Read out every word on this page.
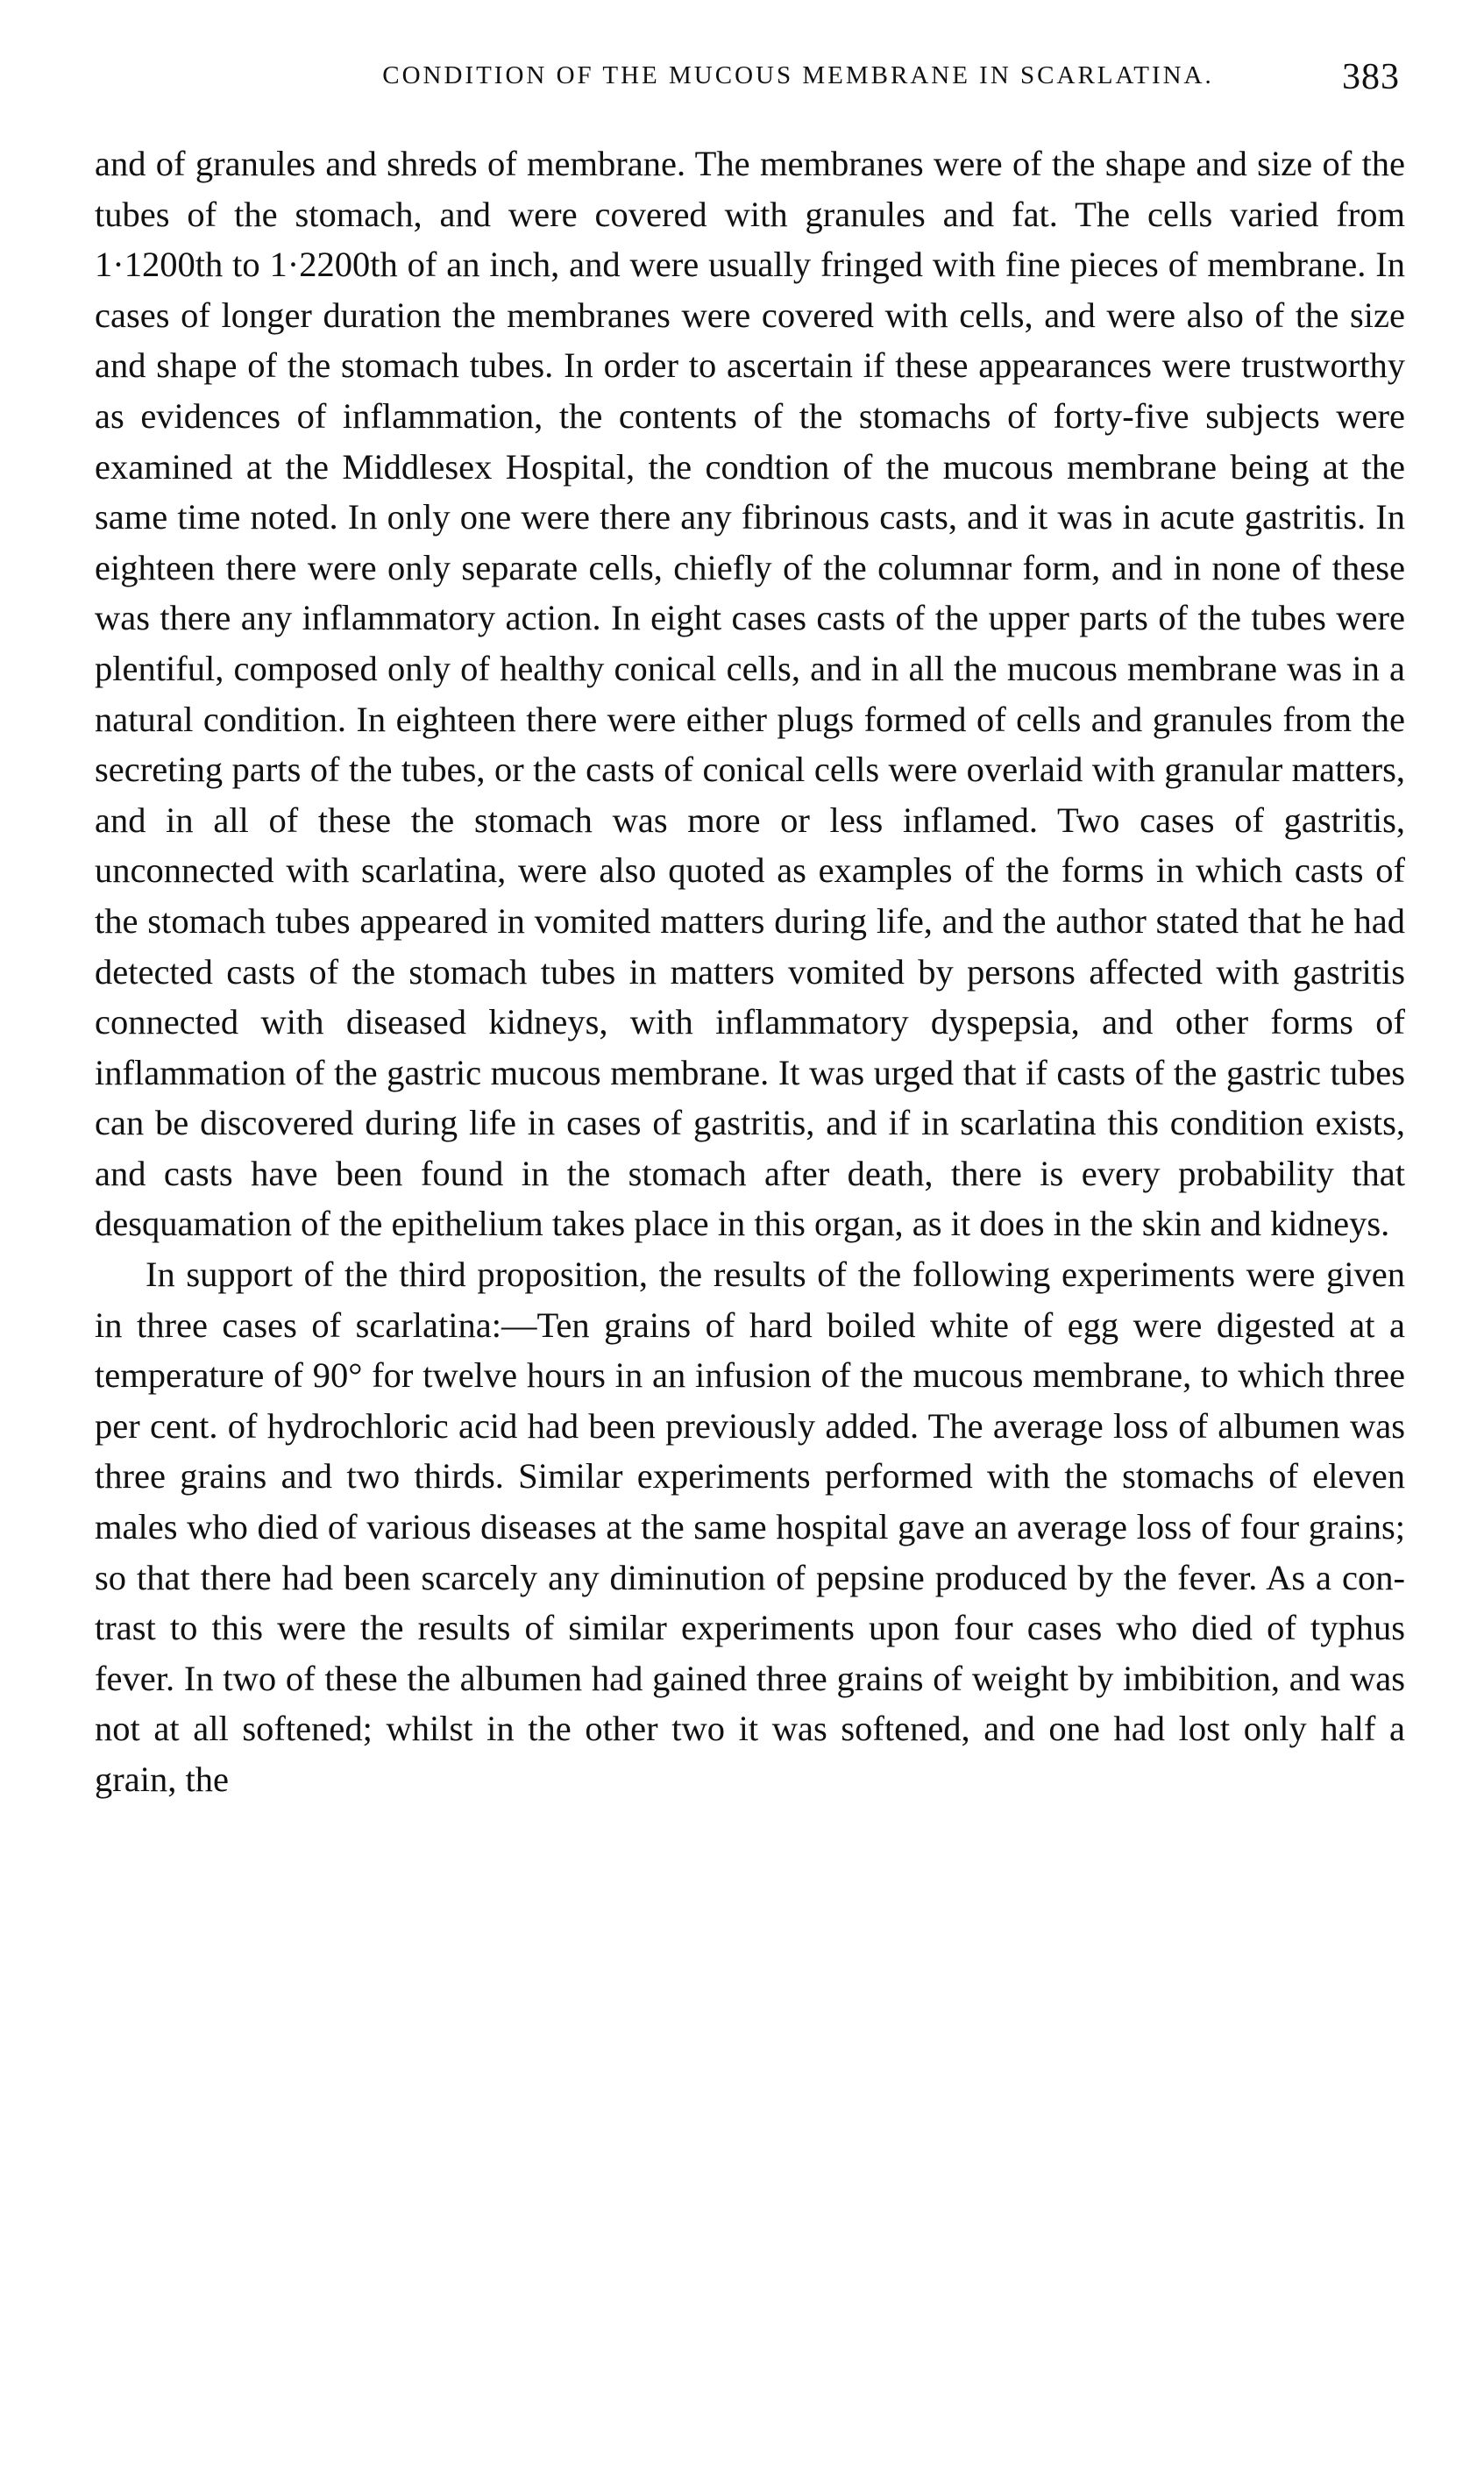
CONDITION OF THE MUCOUS MEMBRANE IN SCARLATINA.	383

and of granules and shreds of membrane. The membranes were of the shape and size of the tubes of the stomach, and were covered with granules and fat. The cells varied from 1·1200th to 1·2200th of an inch, and were usually fringed with fine pieces of membrane. In cases of longer duration the membranes were covered with cells, and were also of the size and shape of the stomach tubes. In order to ascertain if these appearances were trustworthy as evidences of inflammation, the contents of the stomachs of forty-five subjects were examined at the Middlesex Hospital, the condtion of the mucous membrane being at the same time noted. In only one were there any fibrinous casts, and it was in acute gastritis. In eighteen there were only separate cells, chiefly of the columnar form, and in none of these was there any inflammatory action. In eight cases casts of the upper parts of the tubes were plentiful, composed only of healthy conical cells, and in all the mucous membrane was in a natural condition. In eighteen there were either plugs formed of cells and granules from the secreting parts of the tubes, or the casts of conical cells were overlaid with granular matters, and in all of these the stomach was more or less inflamed. Two cases of gastritis, unconnected with scarlatina, were also quoted as examples of the forms in which casts of the stomach tubes appeared in vomited matters during life, and the author stated that he had detected casts of the stomach tubes in matters vomited by persons affected with gastritis connected with diseased kidneys, with inflammatory dyspepsia, and other forms of inflammation of the gastric mucous membrane. It was urged that if casts of the gastric tubes can be discovered during life in cases of gastritis, and if in scarlatina this condition exists, and casts have been found in the stomach after death, there is every probability that desquamation of the epithelium takes place in this organ, as it does in the skin and kidneys.

In support of the third proposition, the results of the following experiments were given in three cases of scarlatina:—Ten grains of hard boiled white of egg were digested at a temperature of 90° for twelve hours in an infusion of the mucous membrane, to which three per cent. of hydrochloric acid had been previously added. The average loss of albumen was three grains and two thirds. Similar experiments performed with the stomachs of eleven males who died of various diseases at the same hospital gave an average loss of four grains; so that there had been scarcely any diminution of pepsine produced by the fever. As a contrast to this were the results of similar experiments upon four cases who died of typhus fever. In two of these the albumen had gained three grains of weight by imbibition, and was not at all softened; whilst in the other two it was softened, and one had lost only half a grain, the
